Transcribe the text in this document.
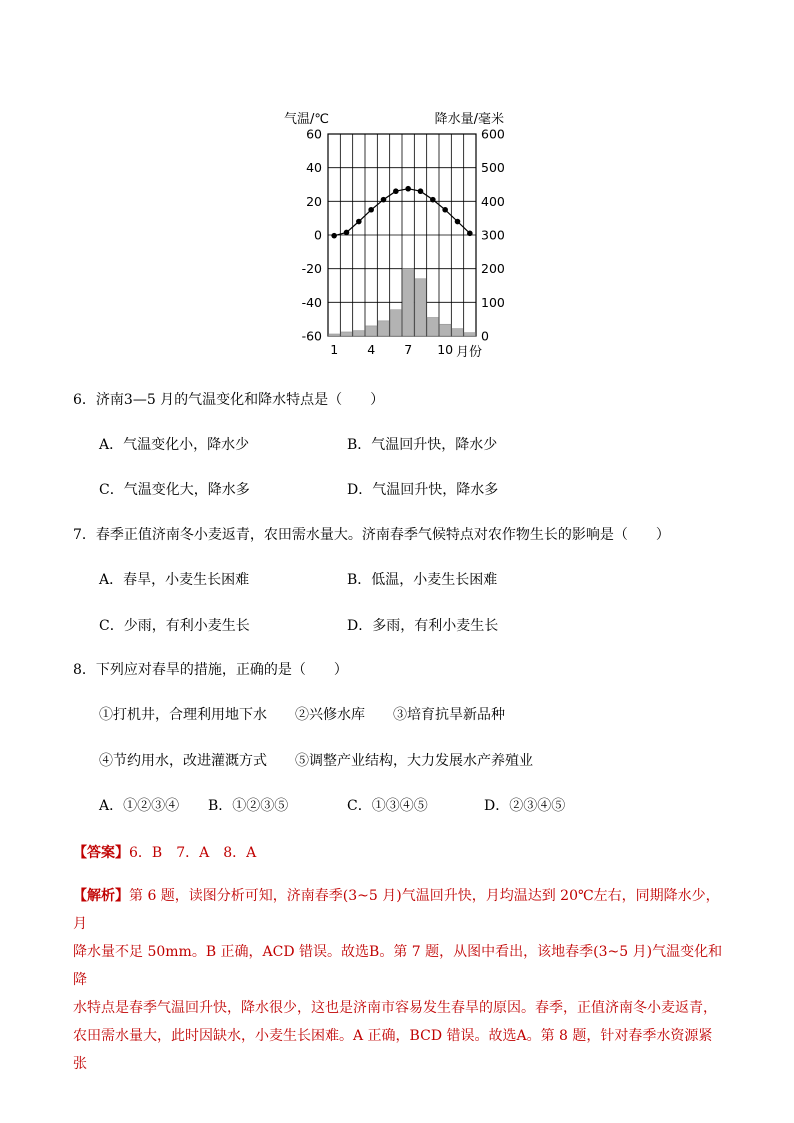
气温/℃	降水量/毫米
60
40
20
0
-20
-40
-60
600
500
400
300
200
100
0
1 4 7 10 月份
6．济南3—5 月的气温变化和降水特点是（　　）
A．气温变化小，降水少	B．气温回升快，降水少
C．气温变化大，降水多	D．气温回升快，降水多
7．春季正值济南冬小麦返青，农田需水量大。济南春季气候特点对农作物生长的影响是（　　）
A．春旱，小麦生长困难	B．低温，小麦生长困难
C．少雨，有利小麦生长	D．多雨，有利小麦生长
8．下列应对春旱的措施，正确的是（　　）
①打机井，合理利用地下水　　②兴修水库　　③培育抗旱新品种
④节约用水，改进灌溉方式　　⑤调整产业结构，大力发展水产养殖业
A．①②③④ B．①②③⑤	C．①③④⑤	D．②③④⑤
【答案】6．B　7．A　8．A
【解析】第 6 题，读图分析可知，济南春季(3~5 月)气温回升快，月均温达到 20℃左右，同期降水少，月
降水量不足 50mm。B 正确，ACD 错误。故选B。第 7 题，从图中看出，该地春季(3~5 月)气温变化和降
水特点是春季气温回升快，降水很少，这也是济南市容易发生春旱的原因。春季，正值济南冬小麦返青，
农田需水量大，此时因缺水，小麦生长困难。A 正确，BCD 错误。故选A。第 8 题，针对春季水资源紧张
